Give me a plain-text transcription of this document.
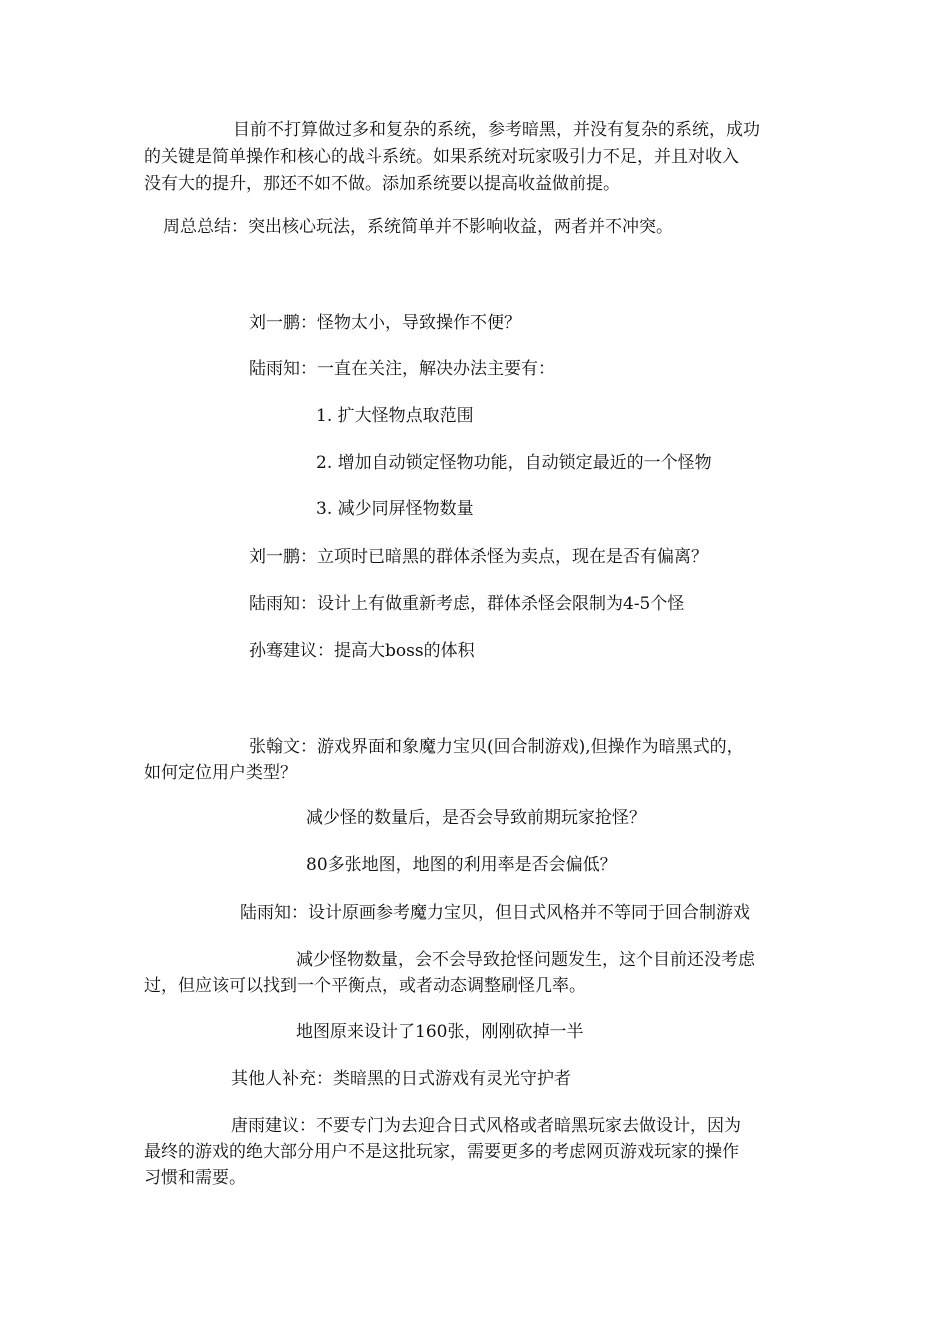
目前不打算做过多和复杂的系统，参考暗黑，并没有复杂的系统，成功

的关键是简单操作和核心的战斗系统。如果系统对玩家吸引力不足，并且对收入

没有大的提升，那还不如不做。添加系统要以提高收益做前提。

周总总结：突出核心玩法，系统简单并不影响收益，两者并不冲突。

刘一鹏：怪物太小，导致操作不便？

陆雨知：一直在关注，解决办法主要有：

1. 扩大怪物点取范围

2. 增加自动锁定怪物功能，自动锁定最近的一个怪物

3. 减少同屏怪物数量

刘一鹏：立项时已暗黑的群体杀怪为卖点，现在是否有偏离？

陆雨知：设计上有做重新考虑，群体杀怪会限制为4-5个怪

孙骞建议：提高大boss的体积

张翰文：游戏界面和象魔力宝贝(回合制游戏),但操作为暗黑式的，

如何定位用户类型？

减少怪的数量后，是否会导致前期玩家抢怪？

80多张地图，地图的利用率是否会偏低？

陆雨知：设计原画参考魔力宝贝，但日式风格并不等同于回合制游戏

减少怪物数量，会不会导致抢怪问题发生，这个目前还没考虑

过，但应该可以找到一个平衡点，或者动态调整刷怪几率。

地图原来设计了160张，刚刚砍掉一半

其他人补充：类暗黑的日式游戏有灵光守护者

唐雨建议：不要专门为去迎合日式风格或者暗黑玩家去做设计，因为

最终的游戏的绝大部分用户不是这批玩家，需要更多的考虑网页游戏玩家的操作

习惯和需要。
